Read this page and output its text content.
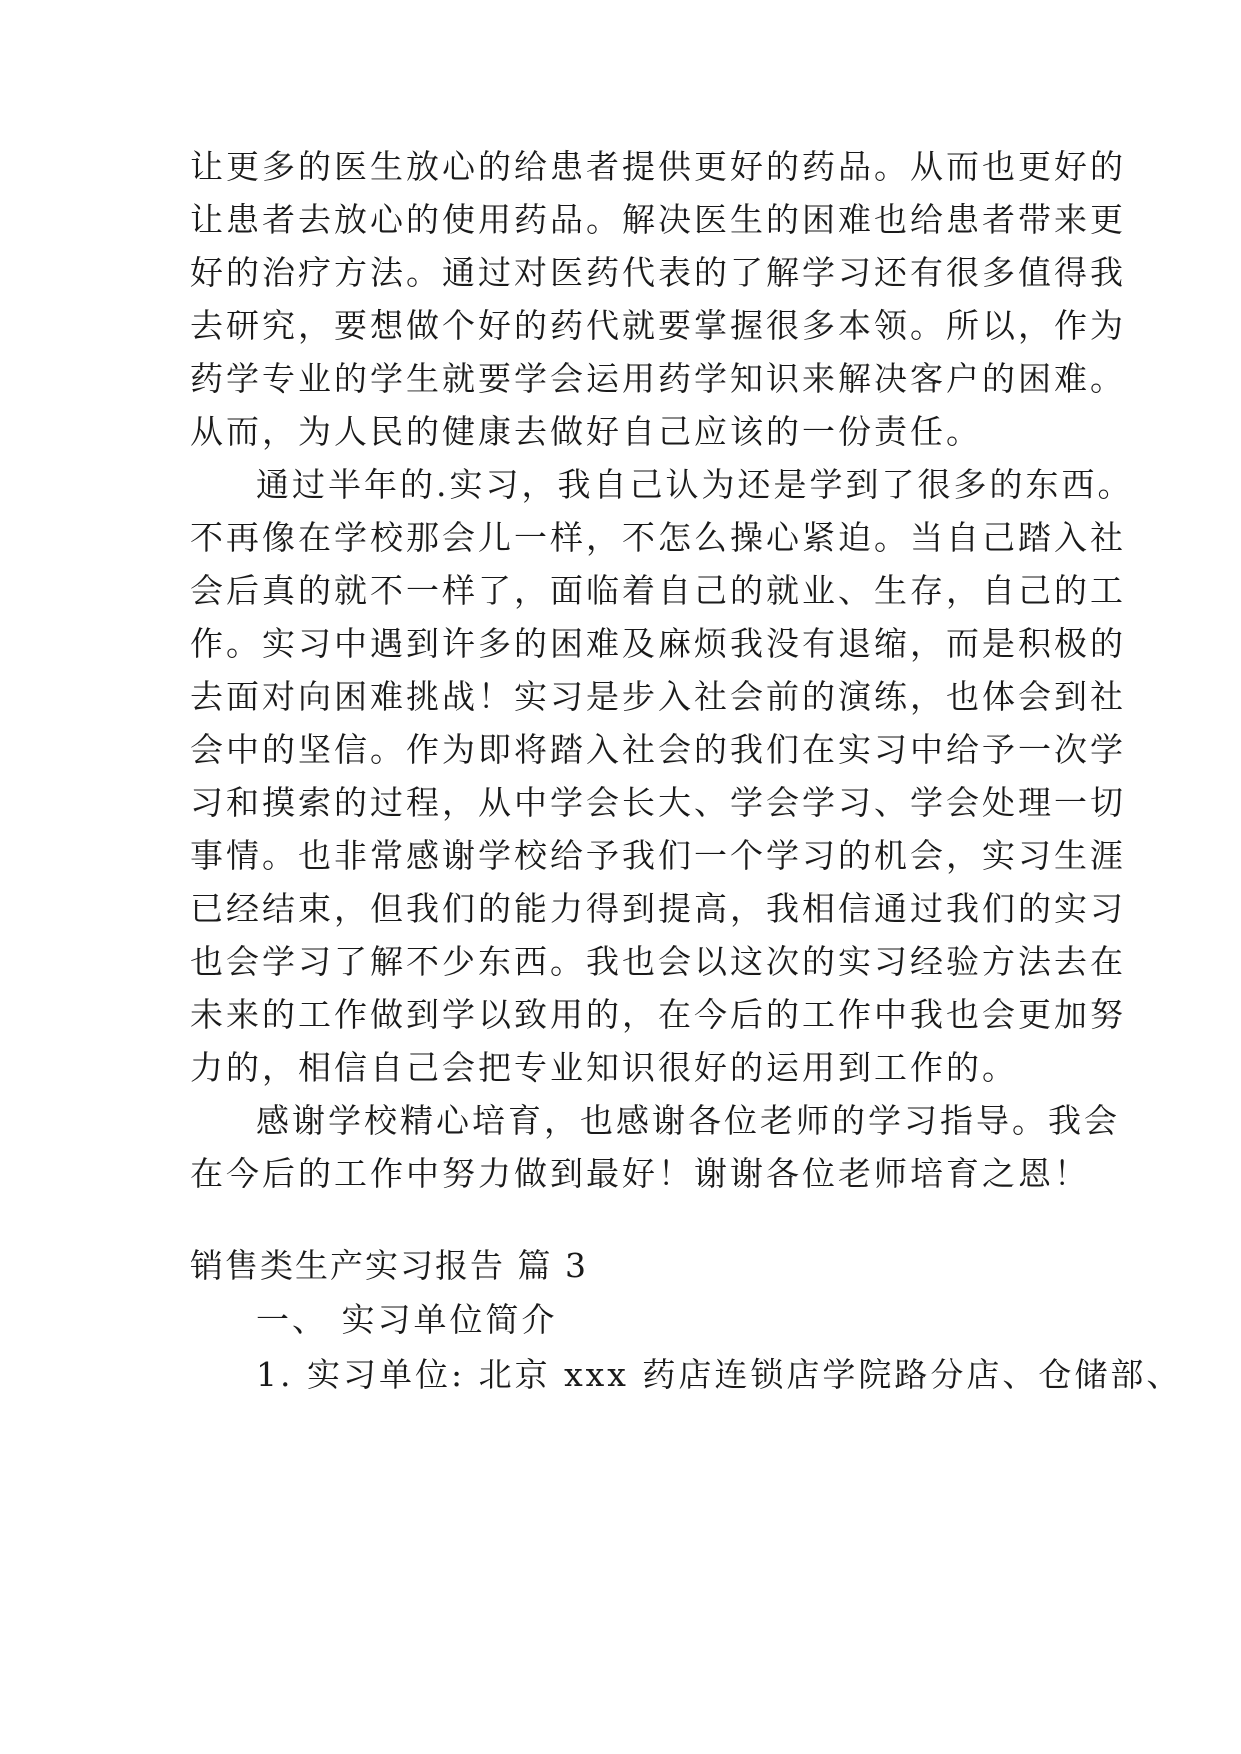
让更多的医生放心的给患者提供更好的药品。从而也更好的
让患者去放心的使用药品。解决医生的困难也给患者带来更
好的治疗方法。通过对医药代表的了解学习还有很多值得我
去研究，要想做个好的药代就要掌握很多本领。所以，作为
药学专业的学生就要学会运用药学知识来解决客户的困难。
从而，为人民的健康去做好自己应该的一份责任。
通过半年的.实习，我自己认为还是学到了很多的东西。
不再像在学校那会儿一样，不怎么操心紧迫。当自己踏入社
会后真的就不一样了，面临着自己的就业、生存，自己的工
作。实习中遇到许多的困难及麻烦我没有退缩，而是积极的
去面对向困难挑战！实习是步入社会前的演练，也体会到社
会中的坚信。作为即将踏入社会的我们在实习中给予一次学
习和摸索的过程，从中学会长大、学会学习、学会处理一切
事情。也非常感谢学校给予我们一个学习的机会，实习生涯
已经结束，但我们的能力得到提高，我相信通过我们的实习
也会学习了解不少东西。我也会以这次的实习经验方法去在
未来的工作做到学以致用的，在今后的工作中我也会更加努
力的，相信自己会把专业知识很好的运用到工作的。
感谢学校精心培育，也感谢各位老师的学习指导。我会
在今后的工作中努力做到最好！谢谢各位老师培育之恩！
销售类生产实习报告 篇 3
一、 实习单位简介
1. 实习单位: 北京 xxx 药店连锁店学院路分店、仓储部、
